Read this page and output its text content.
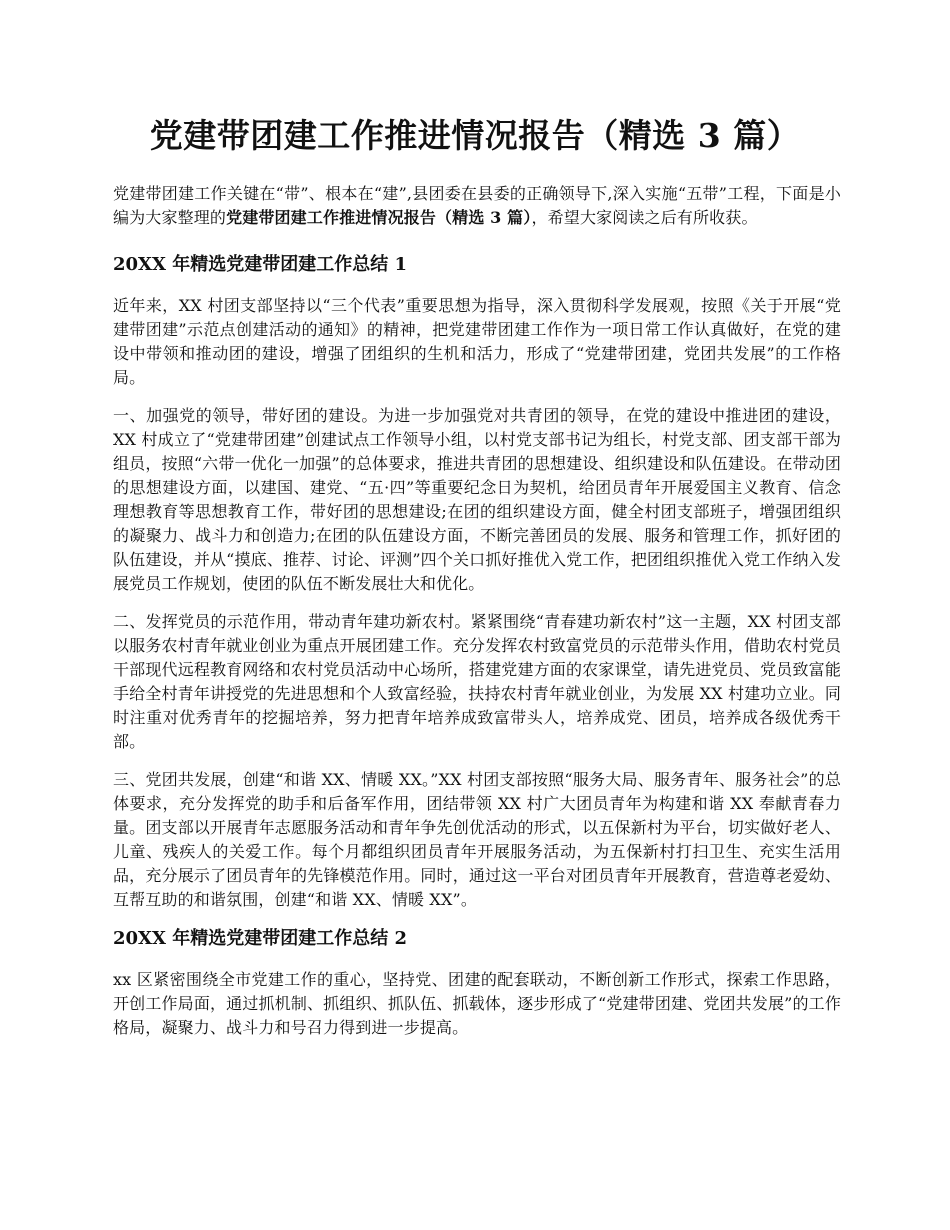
党建带团建工作推进情况报告（精选 3 篇）

党建带团建工作关键在“带”、根本在“建”,县团委在县委的正确领导下,深入实施“五带”工程，下面是小编为大家整理的党建带团建工作推进情况报告（精选 3 篇），希望大家阅读之后有所收获。

20XX 年精选党建带团建工作总结 1

近年来，XX 村团支部坚持以“三个代表”重要思想为指导，深入贯彻科学发展观，按照《关于开展“党建带团建”示范点创建活动的通知》的精神，把党建带团建工作作为一项日常工作认真做好，在党的建设中带领和推动团的建设，增强了团组织的生机和活力，形成了“党建带团建，党团共发展”的工作格局。

一、加强党的领导，带好团的建设。为进一步加强党对共青团的领导，在党的建设中推进团的建设，XX 村成立了“党建带团建”创建试点工作领导小组，以村党支部书记为组长，村党支部、团支部干部为组员，按照“六带一优化一加强”的总体要求，推进共青团的思想建设、组织建设和队伍建设。在带动团的思想建设方面，以建国、建党、“五·四”等重要纪念日为契机，给团员青年开展爱国主义教育、信念理想教育等思想教育工作，带好团的思想建设;在团的组织建设方面，健全村团支部班子，增强团组织的凝聚力、战斗力和创造力;在团的队伍建设方面，不断完善团员的发展、服务和管理工作，抓好团的队伍建设，并从“摸底、推荐、讨论、评测”四个关口抓好推优入党工作，把团组织推优入党工作纳入发展党员工作规划，使团的队伍不断发展壮大和优化。

二、发挥党员的示范作用，带动青年建功新农村。紧紧围绕“青春建功新农村”这一主题，XX 村团支部以服务农村青年就业创业为重点开展团建工作。充分发挥农村致富党员的示范带头作用，借助农村党员干部现代远程教育网络和农村党员活动中心场所，搭建党建方面的农家课堂，请先进党员、党员致富能手给全村青年讲授党的先进思想和个人致富经验，扶持农村青年就业创业，为发展 XX 村建功立业。同时注重对优秀青年的挖掘培养，努力把青年培养成致富带头人，培养成党、团员，培养成各级优秀干部。

三、党团共发展，创建“和谐 XX、情暖 XX。”XX 村团支部按照“服务大局、服务青年、服务社会”的总体要求，充分发挥党的助手和后备军作用，团结带领 XX 村广大团员青年为构建和谐 XX 奉献青春力量。团支部以开展青年志愿服务活动和青年争先创优活动的形式，以五保新村为平台，切实做好老人、儿童、残疾人的关爱工作。每个月都组织团员青年开展服务活动，为五保新村打扫卫生、充实生活用品，充分展示了团员青年的先锋模范作用。同时，通过这一平台对团员青年开展教育，营造尊老爱幼、互帮互助的和谐氛围，创建“和谐 XX、情暖 XX”。

20XX 年精选党建带团建工作总结 2

xx 区紧密围绕全市党建工作的重心，坚持党、团建的配套联动，不断创新工作形式，探索工作思路，开创工作局面，通过抓机制、抓组织、抓队伍、抓载体，逐步形成了“党建带团建、党团共发展”的工作格局，凝聚力、战斗力和号召力得到进一步提高。
